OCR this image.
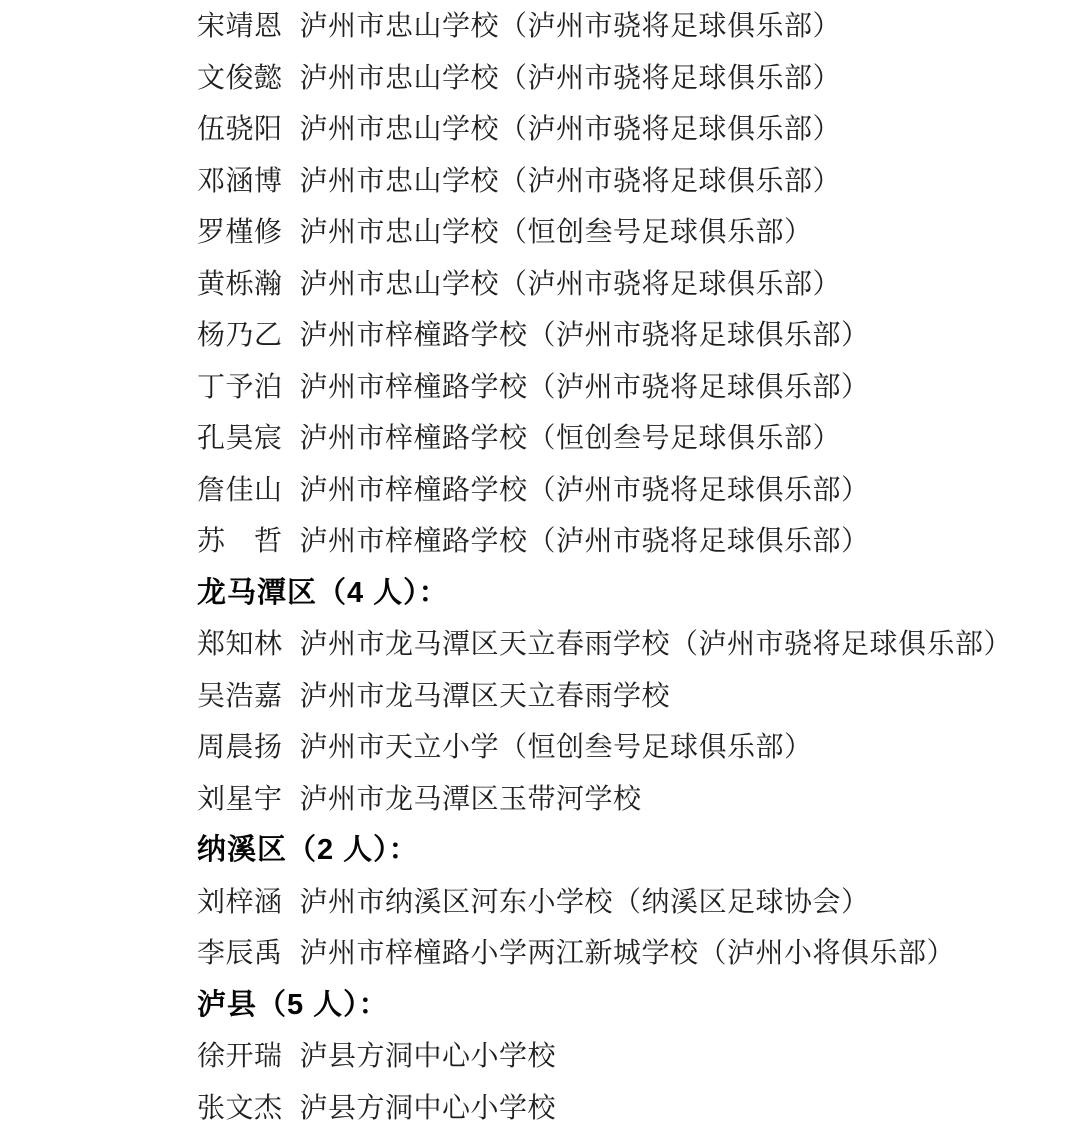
宋靖恩 泸州市忠山学校（泸州市骁将足球俱乐部）
文俊懿 泸州市忠山学校（泸州市骁将足球俱乐部）
伍骁阳 泸州市忠山学校（泸州市骁将足球俱乐部）
邓涵博 泸州市忠山学校（泸州市骁将足球俱乐部）
罗槿修 泸州市忠山学校（恒创叁号足球俱乐部）
黄栎瀚 泸州市忠山学校（泸州市骁将足球俱乐部）
杨乃乙 泸州市梓橦路学校（泸州市骁将足球俱乐部）
丁予泊 泸州市梓橦路学校（泸州市骁将足球俱乐部）
孔昊宸 泸州市梓橦路学校（恒创叁号足球俱乐部）
詹佳山 泸州市梓橦路学校（泸州市骁将足球俱乐部）
苏　哲 泸州市梓橦路学校（泸州市骁将足球俱乐部）
龙马潭区（4 人）：
郑知林 泸州市龙马潭区天立春雨学校（泸州市骁将足球俱乐部）
吴浩嘉 泸州市龙马潭区天立春雨学校
周晨扬 泸州市天立小学（恒创叁号足球俱乐部）
刘星宇 泸州市龙马潭区玉带河学校
纳溪区（2 人）：
刘梓涵 泸州市纳溪区河东小学校（纳溪区足球协会）
李辰禹 泸州市梓橦路小学两江新城学校（泸州小将俱乐部）
泸县（5 人）：
徐开瑞 泸县方洞中心小学校
张文杰 泸县方洞中心小学校
